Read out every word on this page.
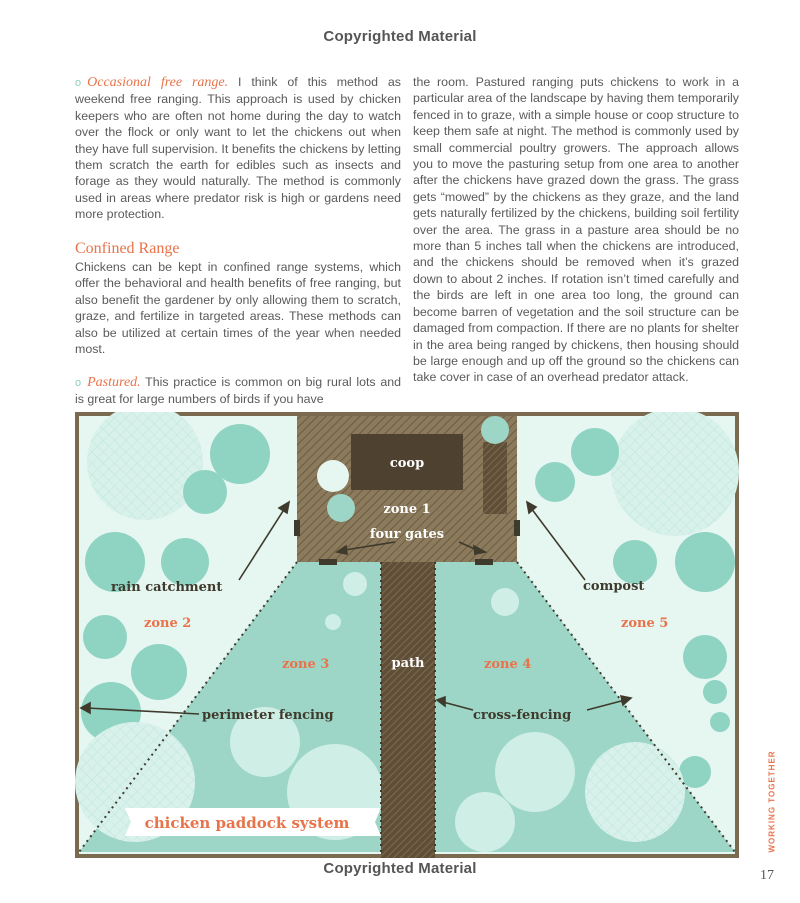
Copyrighted Material

o Occasional free range. I think of this method as weekend free ranging. This approach is used by chicken keepers who are often not home during the day to watch over the flock or only want to let the chickens out when they have full supervision. It benefits the chickens by letting them scratch the earth for edibles such as insects and forage as they would naturally. The method is commonly used in areas where predator risk is high or gardens need more protection.

Confined Range

Chickens can be kept in confined range systems, which offer the behavioral and health benefits of free ranging, but also benefit the gardener by only allowing them to scratch, graze, and fertilize in targeted areas. These methods can also be utilized at certain times of the year when needed most.

o Pastured. This practice is common on big rural lots and is great for large numbers of birds if you have

the room. Pastured ranging puts chickens to work in a particular area of the landscape by having them temporarily fenced in to graze, with a simple house or coop structure to keep them safe at night. The method is commonly used by small commercial poultry growers. The approach allows you to move the pasturing setup from one area to another after the chickens have grazed down the grass. The grass gets “mowed” by the chickens as they graze, and the land gets naturally fertilized by the chickens, building soil fertility over the area. The grass in a pasture area should be no more than 5 inches tall when the chickens are introduced, and the chickens should be removed when it’s grazed down to about 2 inches. If rotation isn’t timed carefully and the birds are left in one area too long, the ground can become barren of vegetation and the soil structure can be damaged from compaction. If there are no plants for shelter in the area being ranged by chickens, then housing should be large enough and up off the ground so the chickens can take cover in case of an overhead predator attack.

coop
zone 1
four gates
rain catchment	compost
zone 2
zone 3	path	zone 4
zone 5
perimeter fencing	cross-fencing
chicken paddock system
Copyrighted Material
WORKING TOGETHER
17
